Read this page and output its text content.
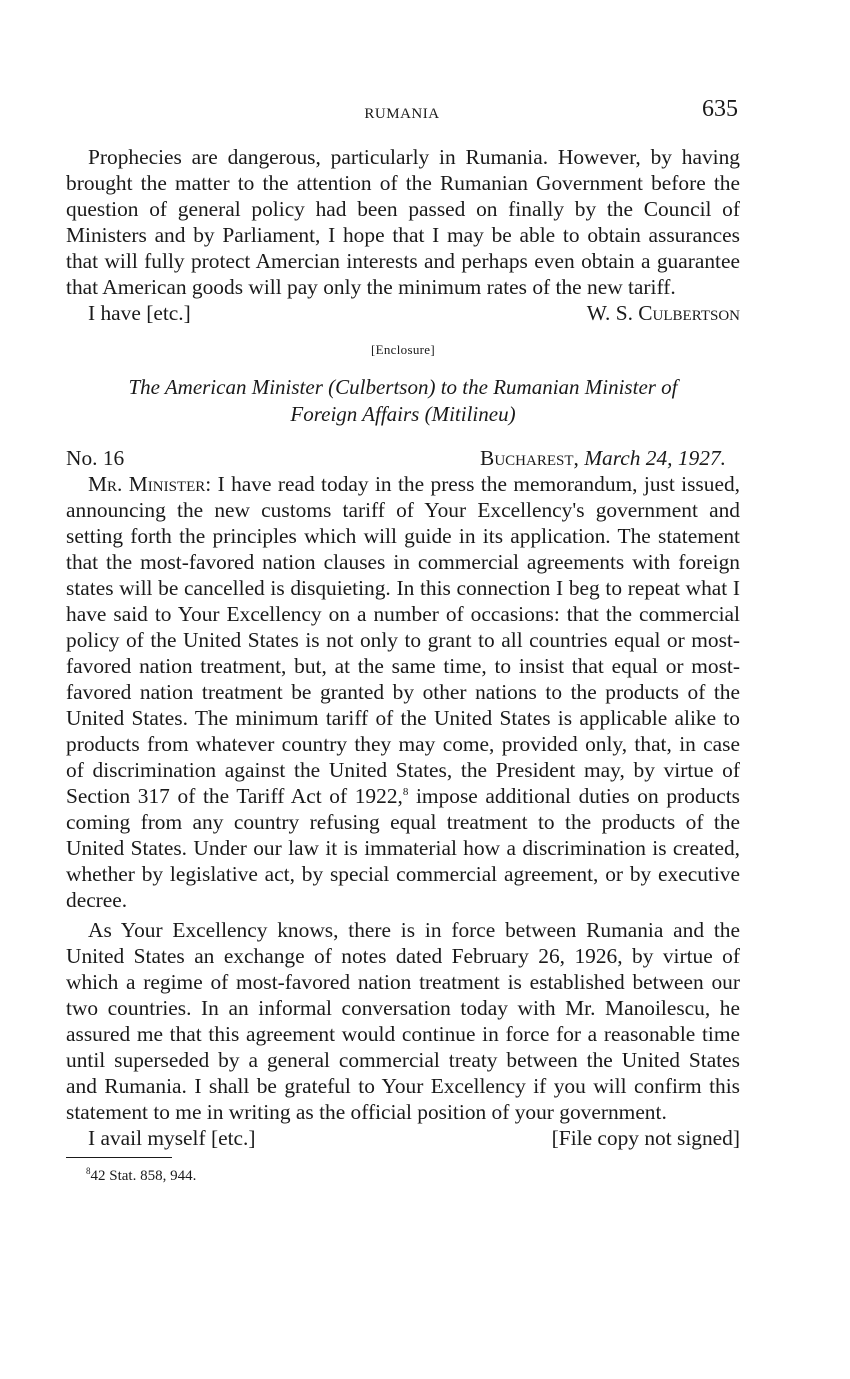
RUMANIA	635

Prophecies are dangerous, particularly in Rumania. However, by having brought the matter to the attention of the Rumanian Government before the question of general policy had been passed on finally by the Council of Ministers and by Parliament, I hope that I may be able to obtain assurances that will fully protect Amercian interests and perhaps even obtain a guarantee that American goods will pay only the minimum rates of the new tariff.

I have [etc.]	W. S. Culbertson
[Enclosure]
The American Minister (Culbertson) to the Rumanian Minister of
Foreign Affairs (Mitilineu)
No. 16	Bucharest, March 24, 1927.

Mr. Minister: I have read today in the press the memorandum, just issued, announcing the new customs tariff of Your Excellency's government and setting forth the principles which will guide in its application. The statement that the most-favored nation clauses in commercial agreements with foreign states will be cancelled is disquieting. In this connection I beg to repeat what I have said to Your Excellency on a number of occasions: that the commercial policy of the United States is not only to grant to all countries equal or most-favored nation treatment, but, at the same time, to insist that equal or most-favored nation treatment be granted by other nations to the products of the United States. The minimum tariff of the United States is applicable alike to products from whatever country they may come, provided only, that, in case of discrimination against the United States, the President may, by virtue of Section 317 of the Tariff Act of 1922,$^8$ impose additional duties on products coming from any country refusing equal treatment to the products of the United States. Under our law it is immaterial how a discrimination is created, whether by legislative act, by special commercial agreement, or by executive decree.

As Your Excellency knows, there is in force between Rumania and the United States an exchange of notes dated February 26, 1926, by virtue of which a regime of most-favored nation treatment is established between our two countries. In an informal conversation today with Mr. Manoilescu, he assured me that this agreement would continue in force for a reasonable time until superseded by a general commercial treaty between the United States and Rumania. I shall be grateful to Your Excellency if you will confirm this statement to me in writing as the official position of your government.

I avail myself [etc.]	[File copy not signed]
$^8$42 Stat. 858, 944.
